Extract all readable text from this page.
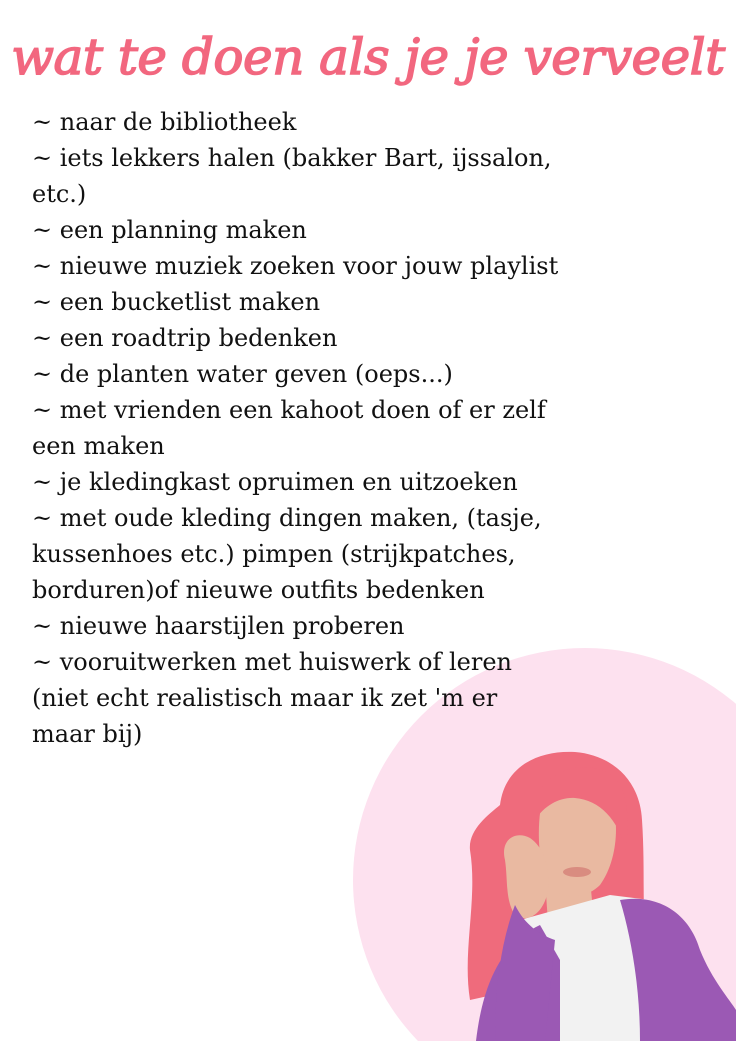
wat te doen als je je verveelt
~ naar de bibliotheek
~ iets lekkers halen (bakker Bart, ijssalon, etc.)
~ een planning maken
~ nieuwe muziek zoeken voor jouw playlist
~ een bucketlist maken
~ een roadtrip bedenken
~ de planten water geven (oeps...)
~ met vrienden een kahoot doen of er zelf een maken
~ je kledingkast opruimen en uitzoeken
~ met oude kleding dingen maken, (tasje, kussenhoes etc.) pimpen (strijkpatches, borduren)of nieuwe outfits bedenken
~ nieuwe haarstijlen proberen
~ vooruitwerken met huiswerk of leren (niet echt realistisch maar ik zet 'm er maar bij)
